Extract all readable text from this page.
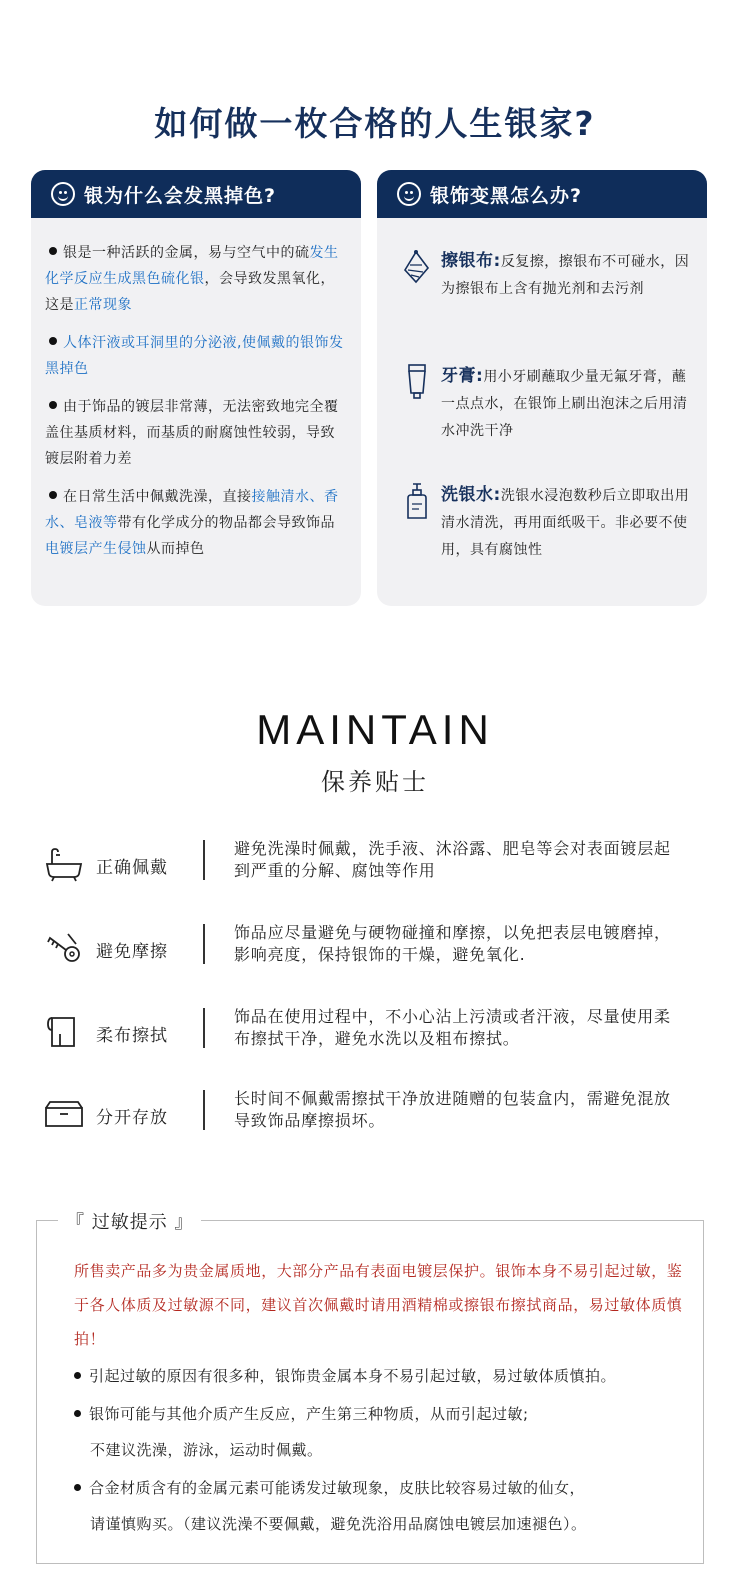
如何做一枚合格的人生银家?
银为什么会发黑掉色?
银是一种活跃的金属，易与空气中的硫发生化学反应生成黑色硫化银，会导致发黑氧化，这是正常现象
人体汗液或耳洞里的分泌液,使佩戴的银饰发黑掉色
由于饰品的镀层非常薄，无法密致地完全覆盖住基质材料，而基质的耐腐蚀性较弱，导致镀层附着力差
在日常生活中佩戴洗澡，直接接触清水、香水、皂液等带有化学成分的物品都会导致饰品电镀层产生侵蚀从而掉色
银饰变黑怎么办?
擦银布:反复擦，擦银布不可碰水，因为擦银布上含有抛光剂和去污剂
牙膏:用小牙刷蘸取少量无氟牙膏，蘸一点点水，在银饰上刷出泡沫之后用清水冲洗干净
洗银水:洗银水浸泡数秒后立即取出用清水清洗，再用面纸吸干。非必要不使用，具有腐蚀性
MAINTAIN
保养贴士
正确佩戴
避免洗澡时佩戴，洗手液、沐浴露、肥皂等会对表面镀层起到严重的分解、腐蚀等作用
避免摩擦
饰品应尽量避免与硬物碰撞和摩擦，以免把表层电镀磨掉，影响亮度，保持银饰的干燥，避免氧化.
柔布擦拭
饰品在使用过程中，不小心沾上污渍或者汗液，尽量使用柔布擦拭干净，避免水洗以及粗布擦拭。
分开存放
长时间不佩戴需擦拭干净放进随赠的包装盒内，需避免混放导致饰品摩擦损坏。
『 过敏提示 』
所售卖产品多为贵金属质地，大部分产品有表面电镀层保护。银饰本身不易引起过敏，鉴于各人体质及过敏源不同，建议首次佩戴时请用酒精棉或擦银布擦拭商品，易过敏体质慎拍！
引起过敏的原因有很多种，银饰贵金属本身不易引起过敏，易过敏体质慎拍。
银饰可能与其他介质产生反应，产生第三种物质，从而引起过敏;
不建议洗澡，游泳，运动时佩戴。
合金材质含有的金属元素可能诱发过敏现象，皮肤比较容易过敏的仙女，
请谨慎购买。（建议洗澡不要佩戴，避免洗浴用品腐蚀电镀层加速褪色）。
